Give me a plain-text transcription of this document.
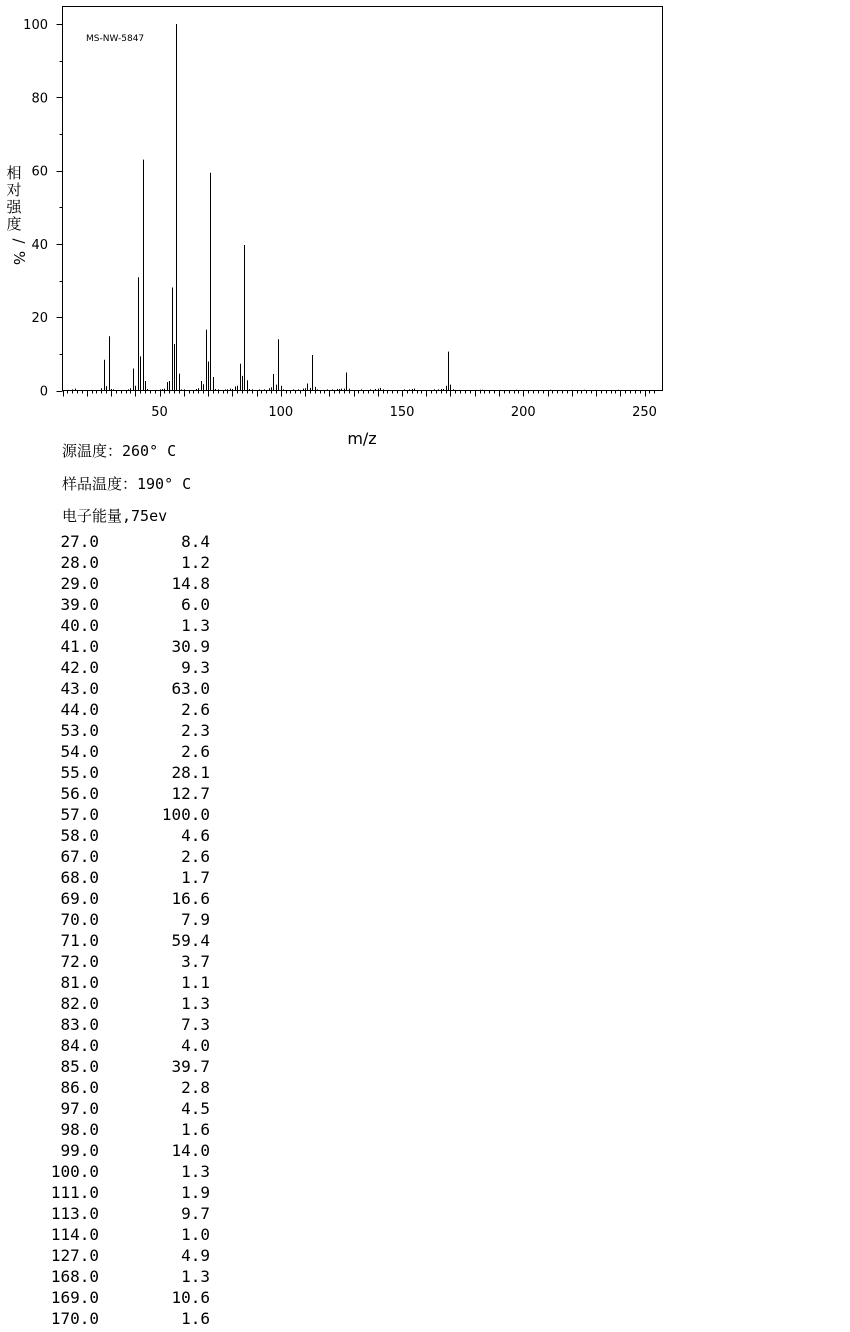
0
20
40
60
80
100
50	100	150	200	250
MS-NW-5847
m/z
相
对
强
度
/
%
源温度：260° C
样品温度：190° C
电子能量,75ev
27.0	8.4
28.0	1.2
29.0	14.8
39.0	6.0
40.0	1.3
41.0	30.9
42.0	9.3
43.0	63.0
44.0	2.6
53.0	2.3
54.0	2.6
55.0	28.1
56.0	12.7
57.0	100.0
58.0	4.6
67.0	2.6
68.0	1.7
69.0	16.6
70.0	7.9
71.0	59.4
72.0	3.7
81.0	1.1
82.0	1.3
83.0	7.3
84.0	4.0
85.0	39.7
86.0	2.8
97.0	4.5
98.0	1.6
99.0	14.0
100.0	1.3
111.0	1.9
113.0	9.7
114.0	1.0
127.0	4.9
168.0	1.3
169.0	10.6
170.0	1.6
